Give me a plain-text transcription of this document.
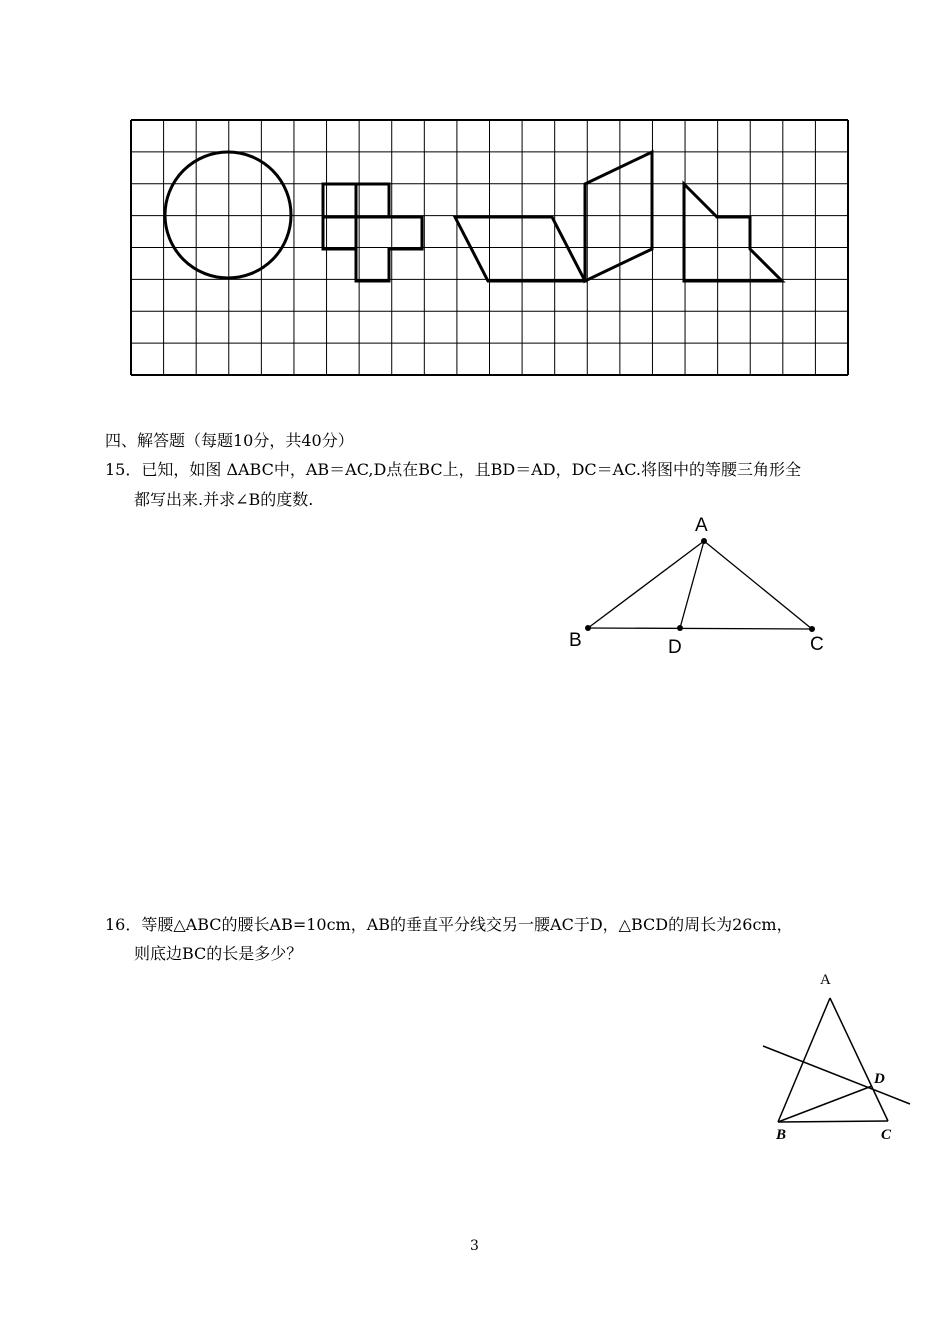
四、解答题（每题10分，共40分）
15．已知，如图 ΔABC中，AB＝AC,D点在BC上，且BD＝AD，DC＝AC.将图中的等腰三角形全
都写出来.并求∠B的度数.
A
B	D	C
16．等腰△ABC的腰长AB=10cm，AB的垂直平分线交另一腰AC于D，△BCD的周长为26cm，
则底边BC的长是多少？
A
D
B	C
3
